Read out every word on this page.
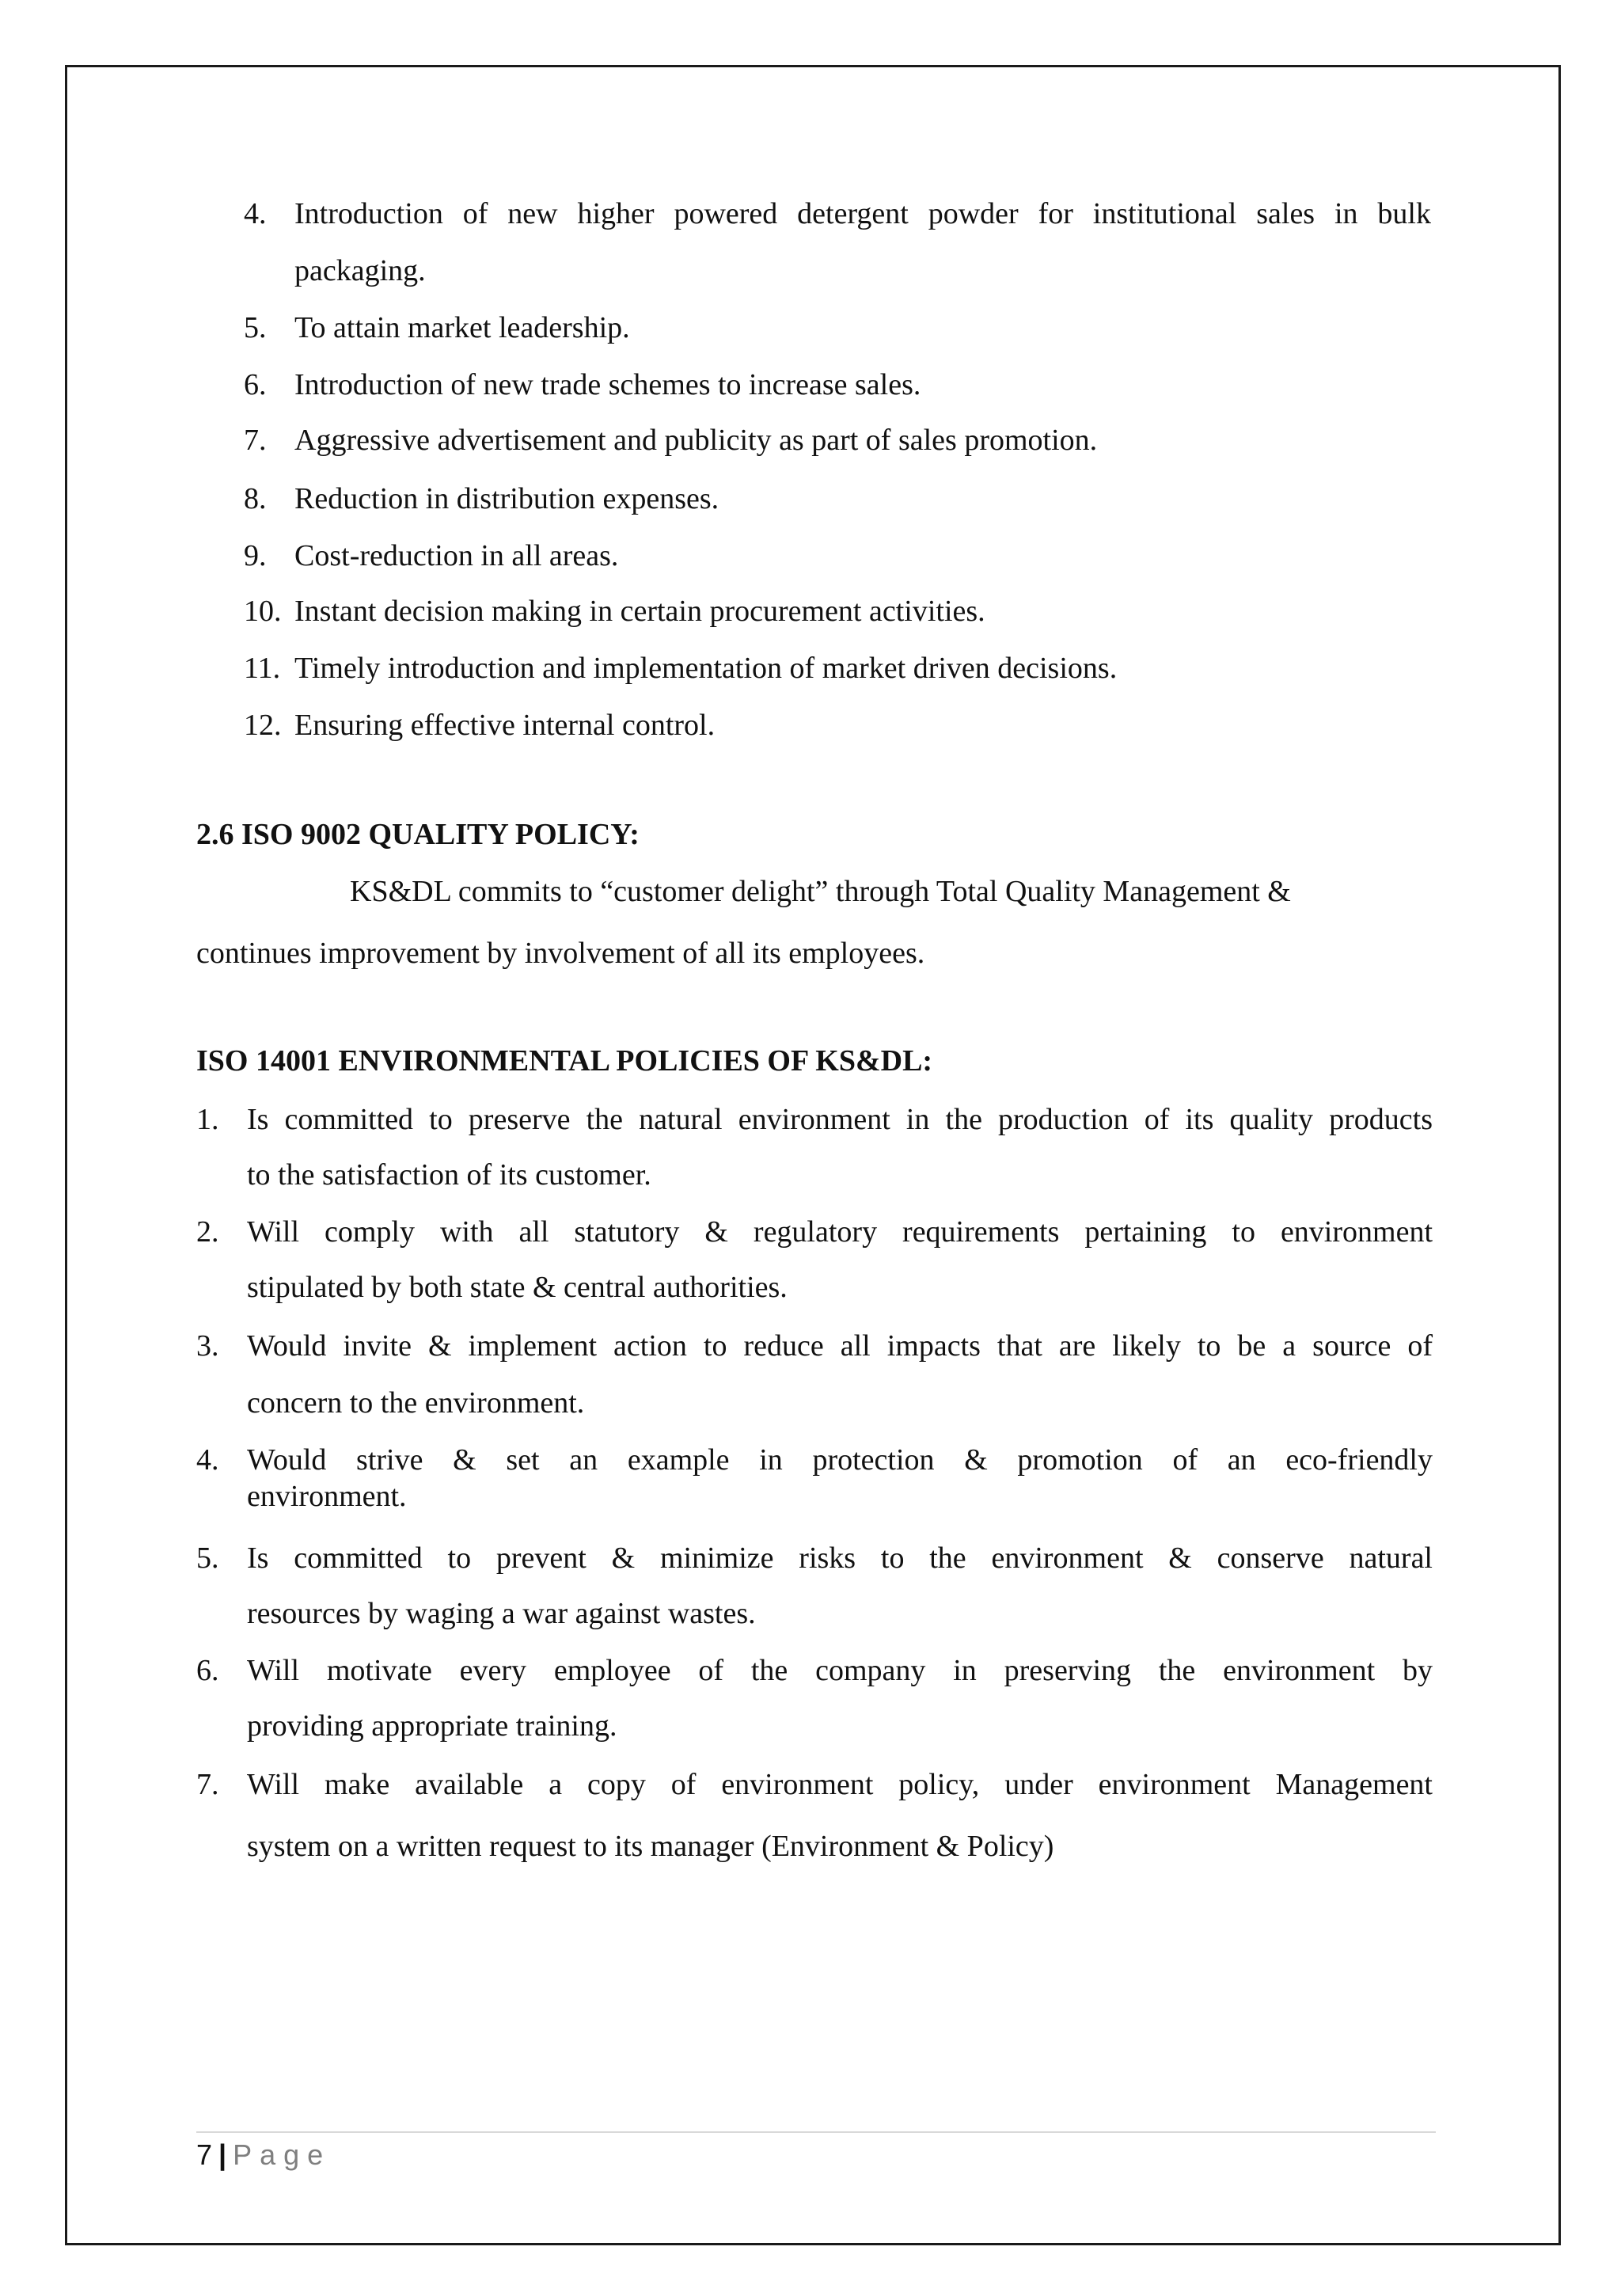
4. Introduction of new higher powered detergent powder for institutional sales in bulk
packaging.
5. To attain market leadership.
6. Introduction of new trade schemes to increase sales.
7. Aggressive advertisement and publicity as part of sales promotion.
8. Reduction in distribution expenses.
9. Cost-reduction in all areas.
10. Instant decision making in certain procurement activities.
11. Timely introduction and implementation of market driven decisions.
12. Ensuring effective internal control.
2.6 ISO 9002 QUALITY POLICY:
KS&DL commits to “customer delight” through Total Quality Management &
continues improvement by involvement of all its employees.
ISO 14001 ENVIRONMENTAL POLICIES OF KS&DL:
1. Is committed to preserve the natural environment in the production of its quality products
to the satisfaction of its customer.
2. Will comply with all statutory & regulatory requirements pertaining to environment
stipulated by both state & central authorities.
3. Would invite & implement action to reduce all impacts that are likely to be a source of
concern to the environment.
4. Would strive & set an example in protection & promotion of an eco-friendly
environment.
5. Is committed to prevent & minimize risks to the environment & conserve natural
resources by waging a war against wastes.
6. Will motivate every employee of the company in preserving the environment by
providing appropriate training.
7. Will make available a copy of environment policy, under environment Management
system on a written request to its manager (Environment & Policy)
7 | Page
